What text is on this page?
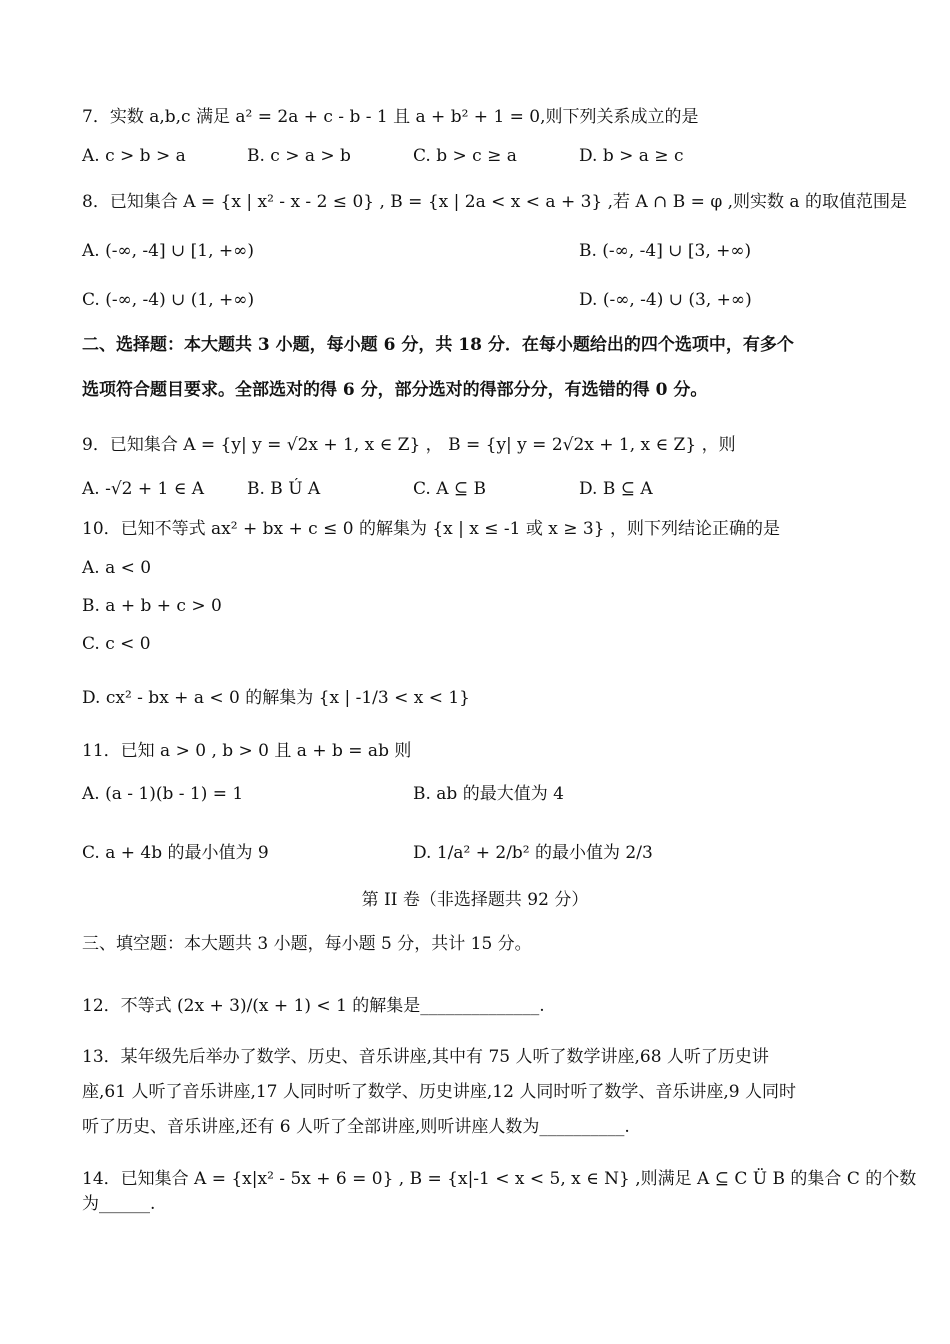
7．实数 a,b,c 满足 a² = 2a + c - b - 1 且 a + b² + 1 = 0,则下列关系成立的是
A. c > b > a	B. c > a > b	C. b > c ≥ a	D. b > a ≥ c
8．已知集合 A = {x | x² - x - 2 ≤ 0} , B = {x | 2a < x < a + 3} ,若 A ∩ B = φ ,则实数 a 的取值范围是
A. (-∞, -4] ∪ [1, +∞)	B. (-∞, -4] ∪ [3, +∞)
C. (-∞, -4) ∪ (1, +∞)	D. (-∞, -4) ∪ (3, +∞)
二、选择题：本大题共 3 小题，每小题 6 分，共 18 分．在每小题给出的四个选项中，有多个
选项符合题目要求。全部选对的得 6 分，部分选对的得部分分，有选错的得 0 分。
9．已知集合 A = {y| y = √2x + 1, x ∈ Z} ， B = {y| y = 2√2x + 1, x ∈ Z} ，则
A. -√2 + 1 ∈ A	B. B Ú A	C. A ⊆ B	D. B ⊆ A
10．已知不等式 ax² + bx + c ≤ 0 的解集为 {x | x ≤ -1 或 x ≥ 3} ，则下列结论正确的是
A. a < 0
B. a + b + c > 0
C. c < 0
D. cx² - bx + a < 0 的解集为 {x | -1/3 < x < 1}
11．已知 a > 0 , b > 0 且 a + b = ab 则
A. (a - 1)(b - 1) = 1	B. ab 的最大值为 4
C. a + 4b 的最小值为 9	D. 1/a² + 2/b² 的最小值为 2/3
第 II 卷（非选择题共 92 分）
三、填空题：本大题共 3 小题，每小题 5 分，共计 15 分。
12．不等式 (2x + 3)/(x + 1) < 1 的解集是______________.
13．某年级先后举办了数学、历史、音乐讲座,其中有 75 人听了数学讲座,68 人听了历史讲
座,61 人听了音乐讲座,17 人同时听了数学、历史讲座,12 人同时听了数学、音乐讲座,9 人同时
听了历史、音乐讲座,还有 6 人听了全部讲座,则听讲座人数为__________.
14．已知集合 A = {x|x² - 5x + 6 = 0} , B = {x|-1 < x < 5, x ∈ N} ,则满足 A ⊆ C Ü B 的集合 C 的个数
为______.
